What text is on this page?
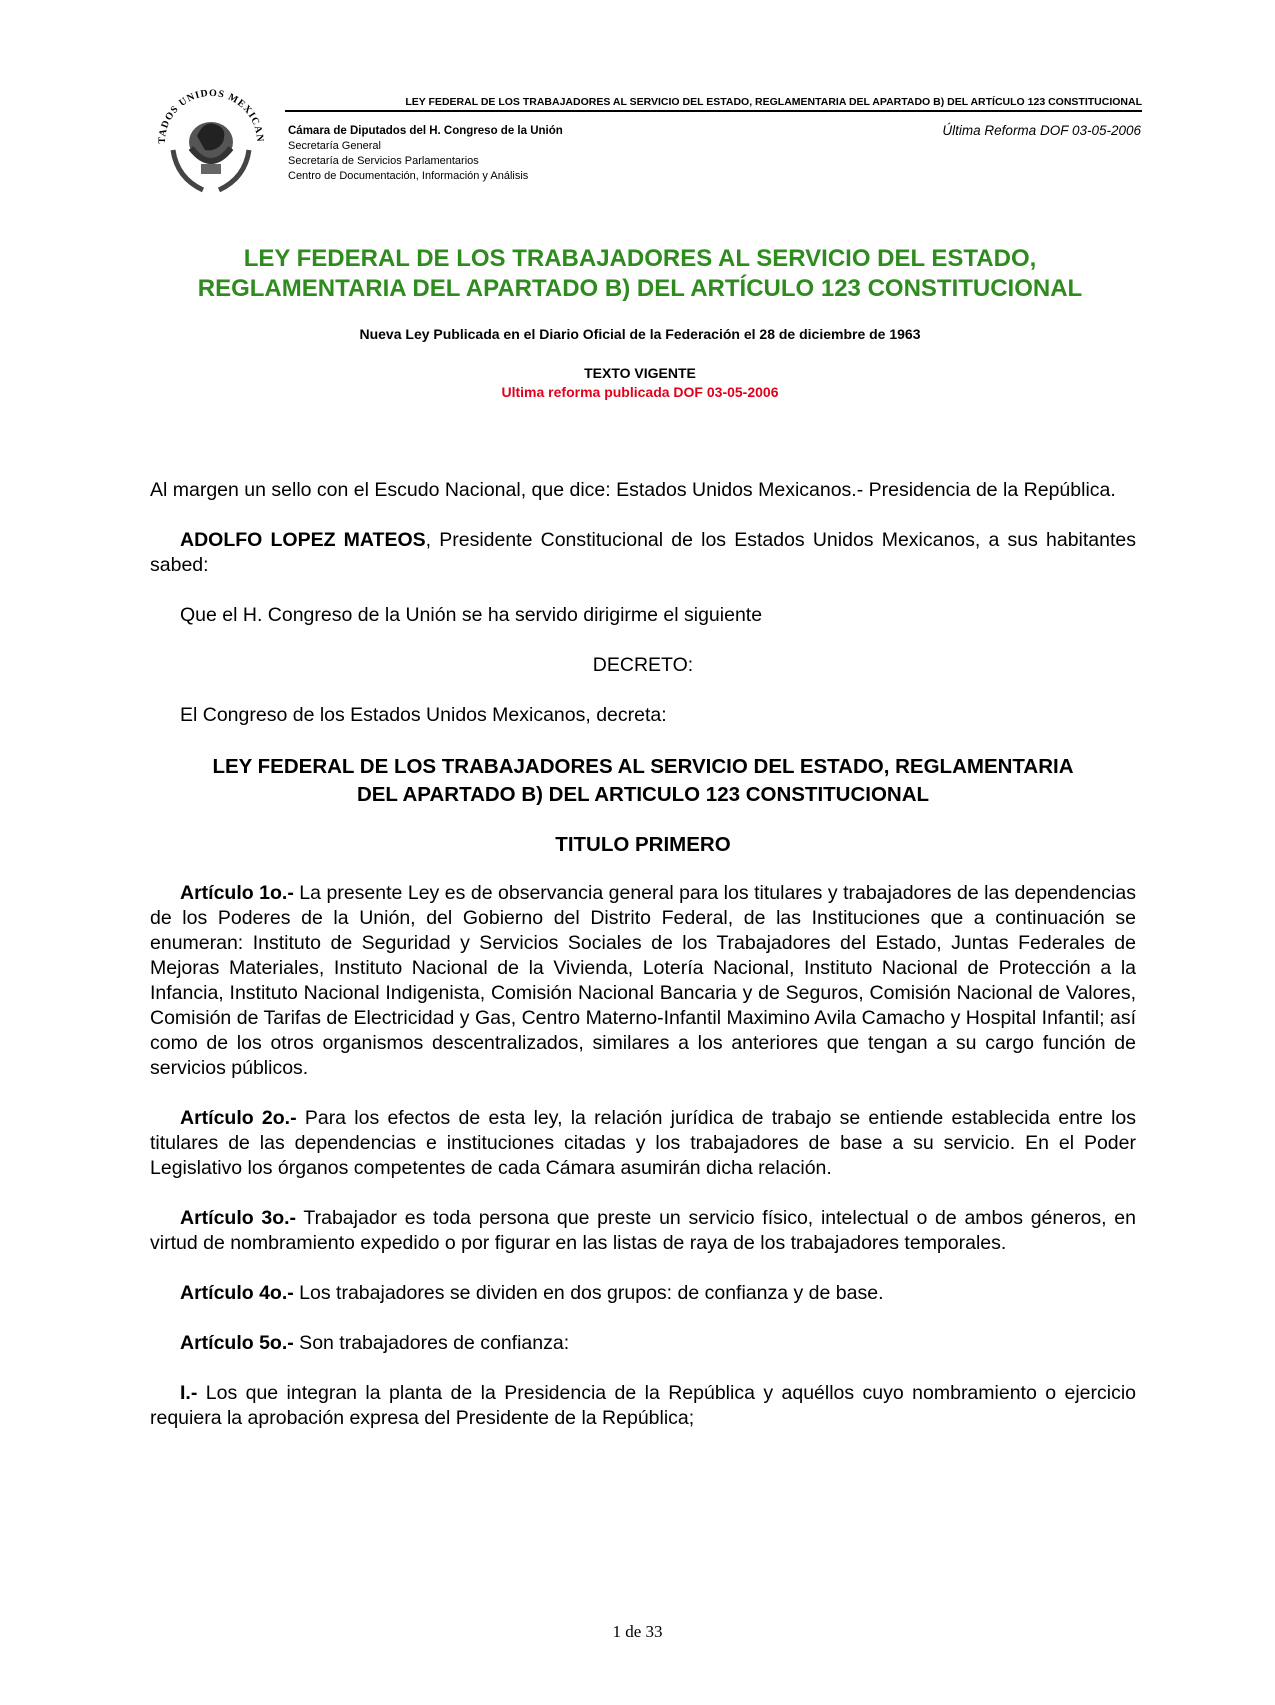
TADOS UNIDOS MEXICAN
LEY FEDERAL DE LOS TRABAJADORES AL SERVICIO DEL ESTADO, REGLAMENTARIA DEL APARTADO B) DEL ARTÍCULO 123 CONSTITUCIONAL
Cámara de Diputados del H. Congreso de la Unión
Secretaría General
Secretaría de Servicios Parlamentarios
Centro de Documentación, Información y Análisis
Última Reforma DOF 03-05-2006
LEY FEDERAL DE LOS TRABAJADORES AL SERVICIO DEL ESTADO,
REGLAMENTARIA DEL APARTADO B) DEL ARTÍCULO 123 CONSTITUCIONAL
Nueva Ley Publicada en el Diario Oficial de la Federación el 28 de diciembre de 1963
TEXTO VIGENTE
Ultima reforma publicada DOF 03-05-2006

Al margen un sello con el Escudo Nacional, que dice: Estados Unidos Mexicanos.- Presidencia de la República.

ADOLFO LOPEZ MATEOS, Presidente Constitucional de los Estados Unidos Mexicanos, a sus habitantes sabed:

Que el H. Congreso de la Unión se ha servido dirigirme el siguiente

DECRETO:

El Congreso de los Estados Unidos Mexicanos, decreta:

LEY FEDERAL DE LOS TRABAJADORES AL SERVICIO DEL ESTADO, REGLAMENTARIA
DEL APARTADO B) DEL ARTICULO 123 CONSTITUCIONAL
TITULO PRIMERO

Artículo 1o.- La presente Ley es de observancia general para los titulares y trabajadores de las dependencias de los Poderes de la Unión, del Gobierno del Distrito Federal, de las Instituciones que a continuación se enumeran: Instituto de Seguridad y Servicios Sociales de los Trabajadores del Estado, Juntas Federales de Mejoras Materiales, Instituto Nacional de la Vivienda, Lotería Nacional, Instituto Nacional de Protección a la Infancia, Instituto Nacional Indigenista, Comisión Nacional Bancaria y de Seguros, Comisión Nacional de Valores, Comisión de Tarifas de Electricidad y Gas, Centro Materno-Infantil Maximino Avila Camacho y Hospital Infantil; así como de los otros organismos descentralizados, similares a los anteriores que tengan a su cargo función de servicios públicos.

Artículo 2o.- Para los efectos de esta ley, la relación jurídica de trabajo se entiende establecida entre los titulares de las dependencias e instituciones citadas y los trabajadores de base a su servicio. En el Poder Legislativo los órganos competentes de cada Cámara asumirán dicha relación.

Artículo 3o.- Trabajador es toda persona que preste un servicio físico, intelectual o de ambos géneros, en virtud de nombramiento expedido o por figurar en las listas de raya de los trabajadores temporales.

Artículo 4o.- Los trabajadores se dividen en dos grupos: de confianza y de base.

Artículo 5o.- Son trabajadores de confianza:

I.- Los que integran la planta de la Presidencia de la República y aquéllos cuyo nombramiento o ejercicio requiera la aprobación expresa del Presidente de la República;

1 de 33
